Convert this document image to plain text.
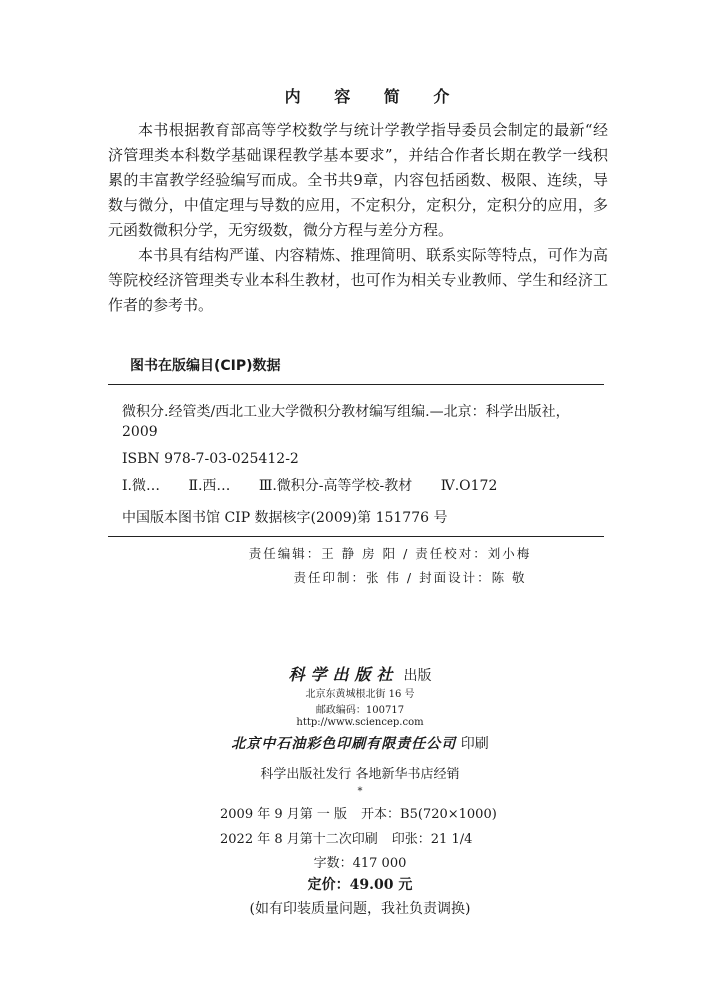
内 容 简 介

本书根据教育部高等学校数学与统计学教学指导委员会制定的最新“经济管理类本科数学基础课程教学基本要求”，并结合作者长期在教学一线积累的丰富教学经验编写而成。全书共9章，内容包括函数、极限、连续，导数与微分，中值定理与导数的应用，不定积分，定积分，定积分的应用，多元函数微积分学，无穷级数，微分方程与差分方程。

本书具有结构严谨、内容精炼、推理简明、联系实际等特点，可作为高等院校经济管理类专业本科生教材，也可作为相关专业教师、学生和经济工作者的参考书。

图书在版编目(CIP)数据
微积分.经管类/西北工业大学微积分教材编写组编.—北京：科学出版社，2009
ISBN 978-7-03-025412-2
Ⅰ.微… Ⅱ.西… Ⅲ.微积分-高等学校-教材 Ⅳ.O172
中国版本图书馆 CIP 数据核字(2009)第 151776 号
责任编辑：王 静 房 阳 / 责任校对：刘小梅
责任印制：张 伟 / 封面设计：陈 敬
科学出版社 出版
北京东黄城根北街 16 号
邮政编码：100717
http://www.sciencep.com
北京中石油彩色印刷有限责任公司 印刷
科学出版社发行 各地新华书店经销
*
2009 年 9 月第 一 版 开本：B5(720×1000)
2022 年 8 月第十二次印刷 印张：21 1/4
字数：417 000
定价：49.00 元
(如有印装质量问题，我社负责调换)
